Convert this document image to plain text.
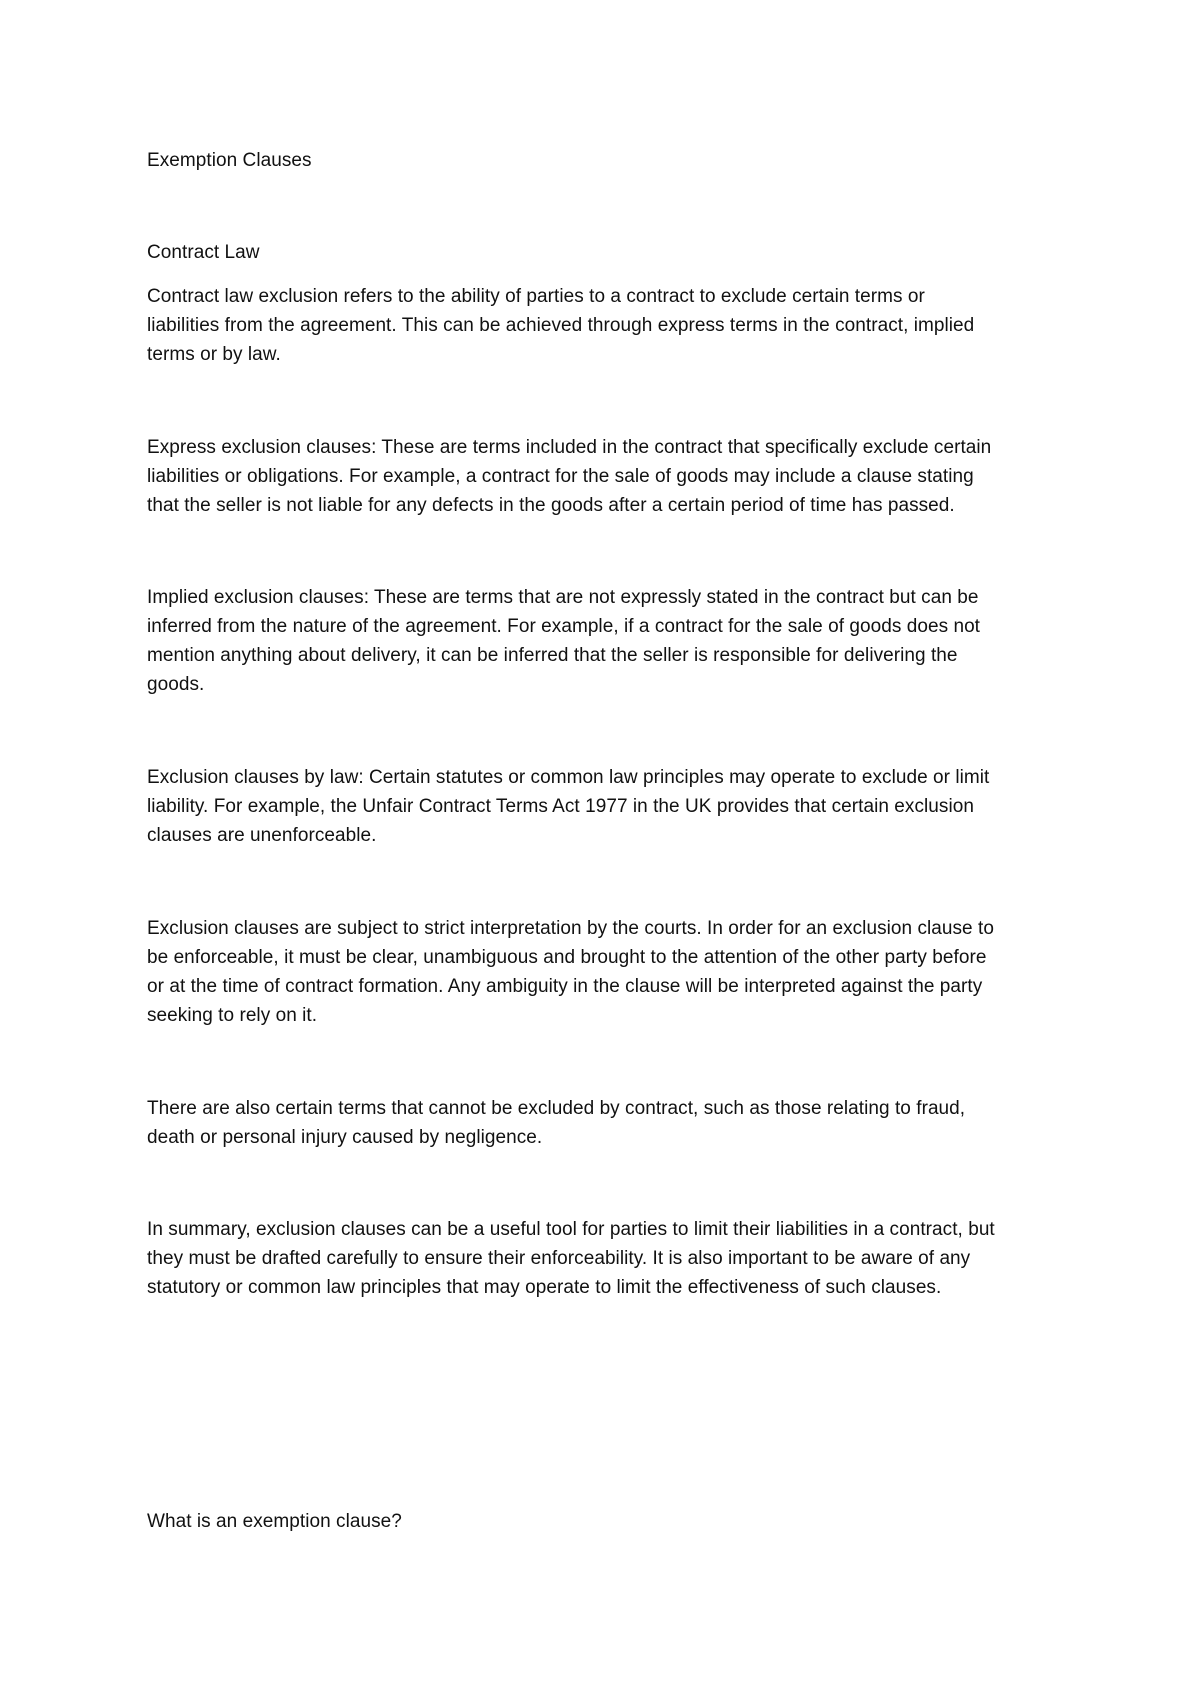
Exemption Clauses

Contract Law

Contract law exclusion refers to the ability of parties to a contract to exclude certain terms or

liabilities from the agreement. This can be achieved through express terms in the contract, implied

terms or by law.

Express exclusion clauses: These are terms included in the contract that specifically exclude certain

liabilities or obligations. For example, a contract for the sale of goods may include a clause stating

that the seller is not liable for any defects in the goods after a certain period of time has passed.

Implied exclusion clauses: These are terms that are not expressly stated in the contract but can be

inferred from the nature of the agreement. For example, if a contract for the sale of goods does not

mention anything about delivery, it can be inferred that the seller is responsible for delivering the

goods.

Exclusion clauses by law: Certain statutes or common law principles may operate to exclude or limit

liability. For example, the Unfair Contract Terms Act 1977 in the UK provides that certain exclusion

clauses are unenforceable.

Exclusion clauses are subject to strict interpretation by the courts. In order for an exclusion clause to

be enforceable, it must be clear, unambiguous and brought to the attention of the other party before

or at the time of contract formation. Any ambiguity in the clause will be interpreted against the party

seeking to rely on it.

There are also certain terms that cannot be excluded by contract, such as those relating to fraud,

death or personal injury caused by negligence.

In summary, exclusion clauses can be a useful tool for parties to limit their liabilities in a contract, but

they must be drafted carefully to ensure their enforceability. It is also important to be aware of any

statutory or common law principles that may operate to limit the effectiveness of such clauses.

What is an exemption clause?
